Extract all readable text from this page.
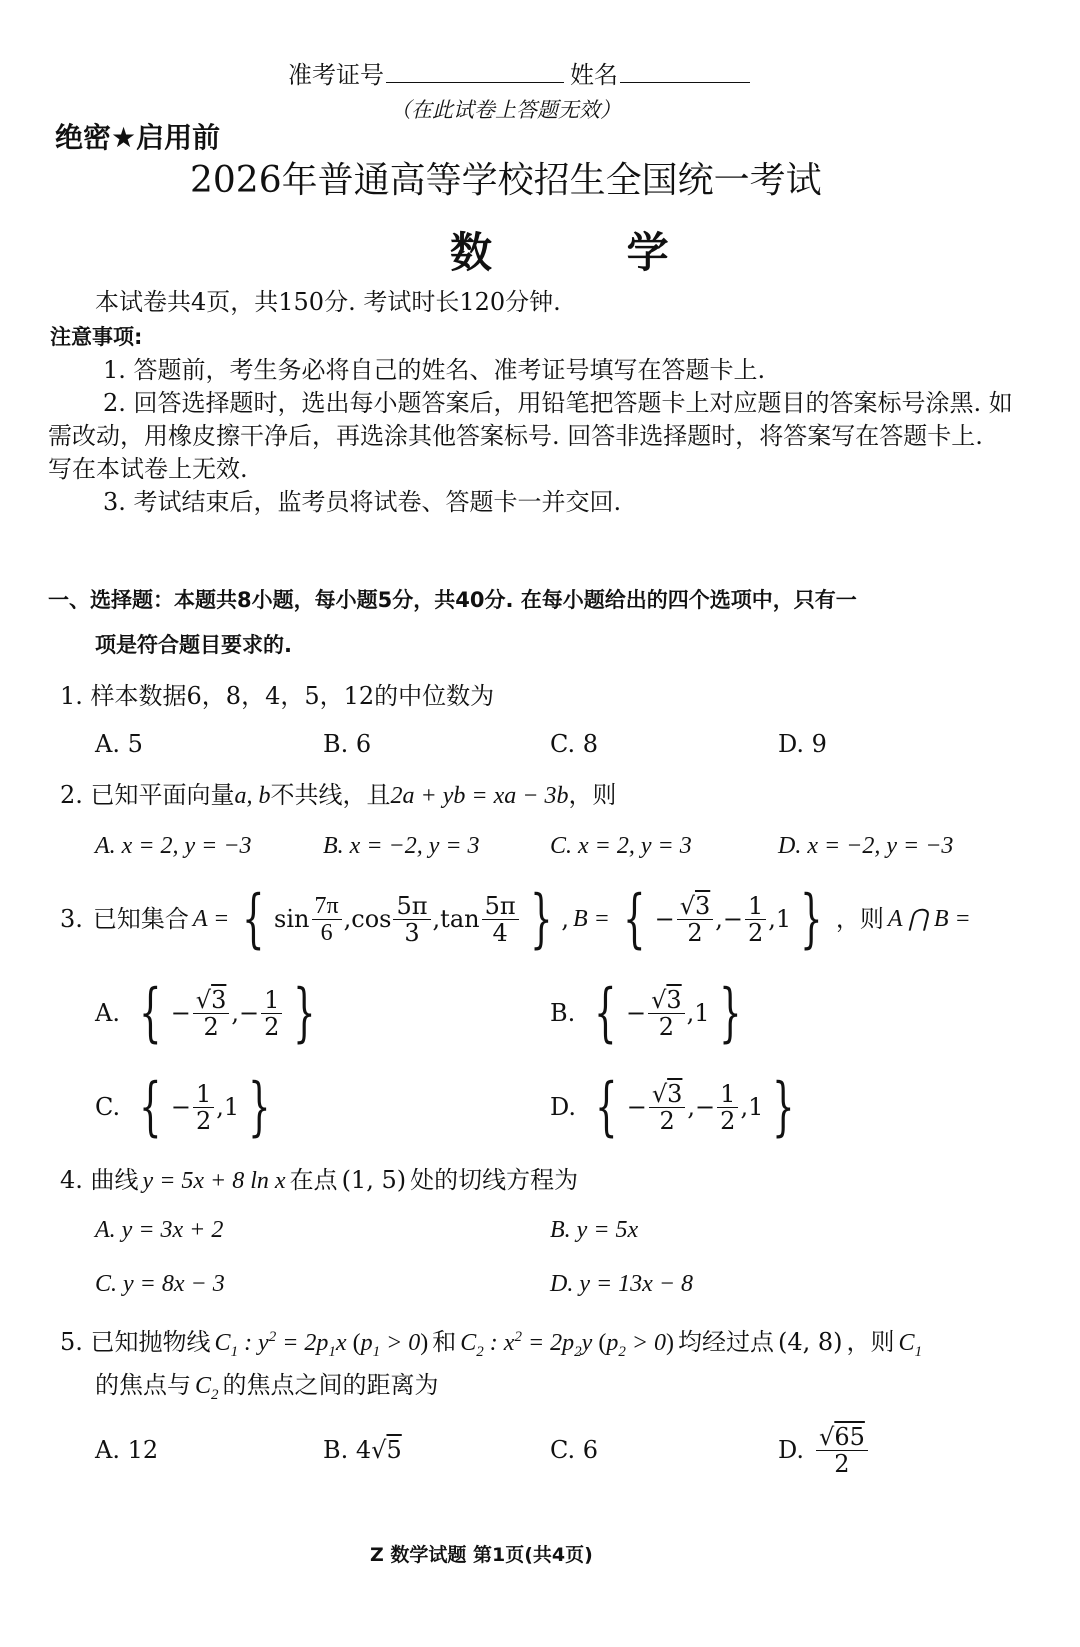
准考证号	姓名
（在此试卷上答题无效）
绝密★启用前
2026年普通高等学校招生全国统一考试
数 学
本试卷共4页，共150分. 考试时长120分钟.
注意事项:
1. 答题前，考生务必将自己的姓名、准考证号填写在答题卡上.
2. 回答选择题时，选出每小题答案后，用铅笔把答题卡上对应题目的答案标号涂黑. 如
需改动，用橡皮擦干净后，再选涂其他答案标号. 回答非选择题时，将答案写在答题卡上.
写在本试卷上无效.
3. 考试结束后，监考员将试卷、答题卡一并交回.
一、选择题：本题共8小题，每小题5分，共40分. 在每小题给出的四个选项中，只有一
项是符合题目要求的.
1. 样本数据6，8，4，5，12的中位数为
A. 5	B. 6	C. 8	D. 9
2. 已知平面向量a, b不共线，且2a + yb = xa − 3b，则
A. x = 2, y = −3	B. x = −2, y = 3	C. x = 2, y = 3	D. x = −2, y = −3
3. 已知集合 A = { $\sin \frac{7\pi}{6}$ , $\cos \frac{5\pi}{3}$ , $\tan \frac{5\pi}{4}$ } , B = { − $\frac{√3}{2}$ ,− $\frac{1}{2} ,1$ } ，则 A ⋂ B =
A. { − $\frac{√3}{2}$ ,− $\frac{1}{2}$ }	B. { − $\frac{√3}{2} ,1$ }
C. { − $\frac{1}{2} ,1$ }	D. { − $\frac{√3}{2}$ ,− $\frac{1}{2} ,1$ }
4. 曲线 y = 5x + 8 ln x 在点 (1, 5) 处的切线方程为
A. y = 3x + 2	B. y = 5x
C. y = 8x − 3	D. y = 13x − 8
5. 已知抛物线 $C_1$ : $y^2 = 2p_1x$ $(p_1 > 0)$ 和 $C_2$ : $x^2 = 2p_2y$ $(p_2 > 0)$ 均经过点 (4, 8) ，则 $C_1$
的焦点与 $C_2$ 的焦点之间的距离为
A. 12	B. 4√5	C. 6	D. $\frac{√65}{2}$
Z 数学试题 第1页(共4页)
